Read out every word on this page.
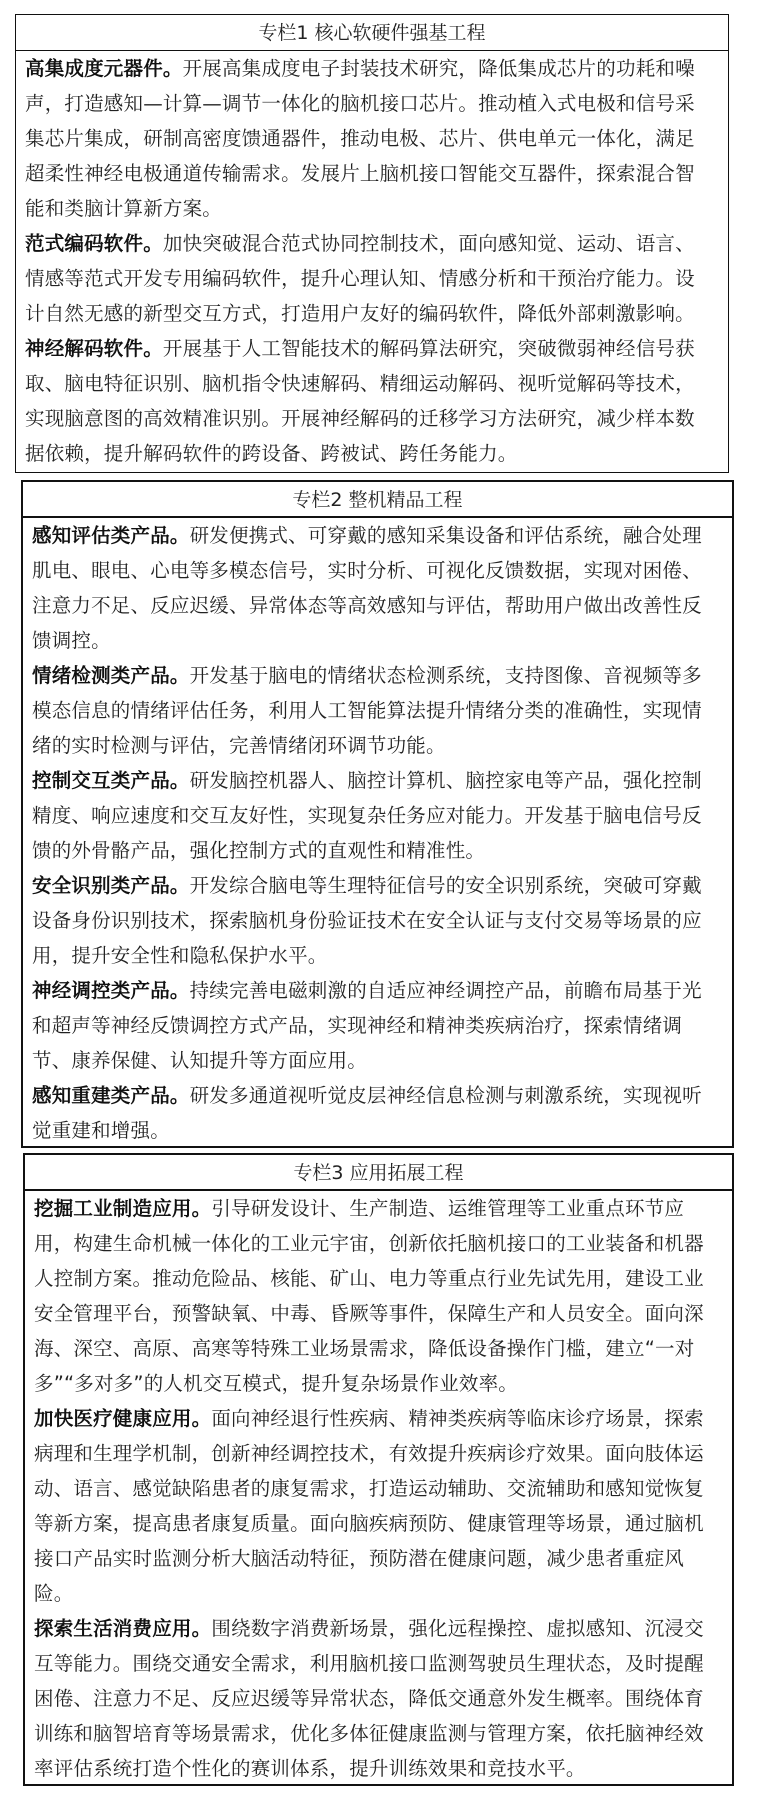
专栏1 核心软硬件强基工程
高集成度元器件。开展高集成度电子封装技术研究，降低集成芯片的功耗和噪
声，打造感知—计算—调节一体化的脑机接口芯片。推动植入式电极和信号采
集芯片集成，研制高密度馈通器件，推动电极、芯片、供电单元一体化，满足
超柔性神经电极通道传输需求。发展片上脑机接口智能交互器件，探索混合智
能和类脑计算新方案。
范式编码软件。加快突破混合范式协同控制技术，面向感知觉、运动、语言、
情感等范式开发专用编码软件，提升心理认知、情感分析和干预治疗能力。设
计自然无感的新型交互方式，打造用户友好的编码软件，降低外部刺激影响。
神经解码软件。开展基于人工智能技术的解码算法研究，突破微弱神经信号获
取、脑电特征识别、脑机指令快速解码、精细运动解码、视听觉解码等技术，
实现脑意图的高效精准识别。开展神经解码的迁移学习方法研究，减少样本数
据依赖，提升解码软件的跨设备、跨被试、跨任务能力。
专栏2 整机精品工程
感知评估类产品。研发便携式、可穿戴的感知采集设备和评估系统，融合处理
肌电、眼电、心电等多模态信号，实时分析、可视化反馈数据，实现对困倦、
注意力不足、反应迟缓、异常体态等高效感知与评估，帮助用户做出改善性反
馈调控。
情绪检测类产品。开发基于脑电的情绪状态检测系统，支持图像、音视频等多
模态信息的情绪评估任务，利用人工智能算法提升情绪分类的准确性，实现情
绪的实时检测与评估，完善情绪闭环调节功能。
控制交互类产品。研发脑控机器人、脑控计算机、脑控家电等产品，强化控制
精度、响应速度和交互友好性，实现复杂任务应对能力。开发基于脑电信号反
馈的外骨骼产品，强化控制方式的直观性和精准性。
安全识别类产品。开发综合脑电等生理特征信号的安全识别系统，突破可穿戴
设备身份识别技术，探索脑机身份验证技术在安全认证与支付交易等场景的应
用，提升安全性和隐私保护水平。
神经调控类产品。持续完善电磁刺激的自适应神经调控产品，前瞻布局基于光
和超声等神经反馈调控方式产品，实现神经和精神类疾病治疗，探索情绪调
节、康养保健、认知提升等方面应用。
感知重建类产品。研发多通道视听觉皮层神经信息检测与刺激系统，实现视听
觉重建和增强。
专栏3 应用拓展工程
挖掘工业制造应用。引导研发设计、生产制造、运维管理等工业重点环节应
用，构建生命机械一体化的工业元宇宙，创新依托脑机接口的工业装备和机器
人控制方案。推动危险品、核能、矿山、电力等重点行业先试先用，建设工业
安全管理平台，预警缺氧、中毒、昏厥等事件，保障生产和人员安全。面向深
海、深空、高原、高寒等特殊工业场景需求，降低设备操作门槛，建立“一对
多”“多对多”的人机交互模式，提升复杂场景作业效率。
加快医疗健康应用。面向神经退行性疾病、精神类疾病等临床诊疗场景，探索
病理和生理学机制，创新神经调控技术，有效提升疾病诊疗效果。面向肢体运
动、语言、感觉缺陷患者的康复需求，打造运动辅助、交流辅助和感知觉恢复
等新方案，提高患者康复质量。面向脑疾病预防、健康管理等场景，通过脑机
接口产品实时监测分析大脑活动特征，预防潜在健康问题，减少患者重症风
险。
探索生活消费应用。围绕数字消费新场景，强化远程操控、虚拟感知、沉浸交
互等能力。围绕交通安全需求，利用脑机接口监测驾驶员生理状态，及时提醒
困倦、注意力不足、反应迟缓等异常状态，降低交通意外发生概率。围绕体育
训练和脑智培育等场景需求，优化多体征健康监测与管理方案，依托脑神经效
率评估系统打造个性化的赛训体系，提升训练效果和竞技水平。
